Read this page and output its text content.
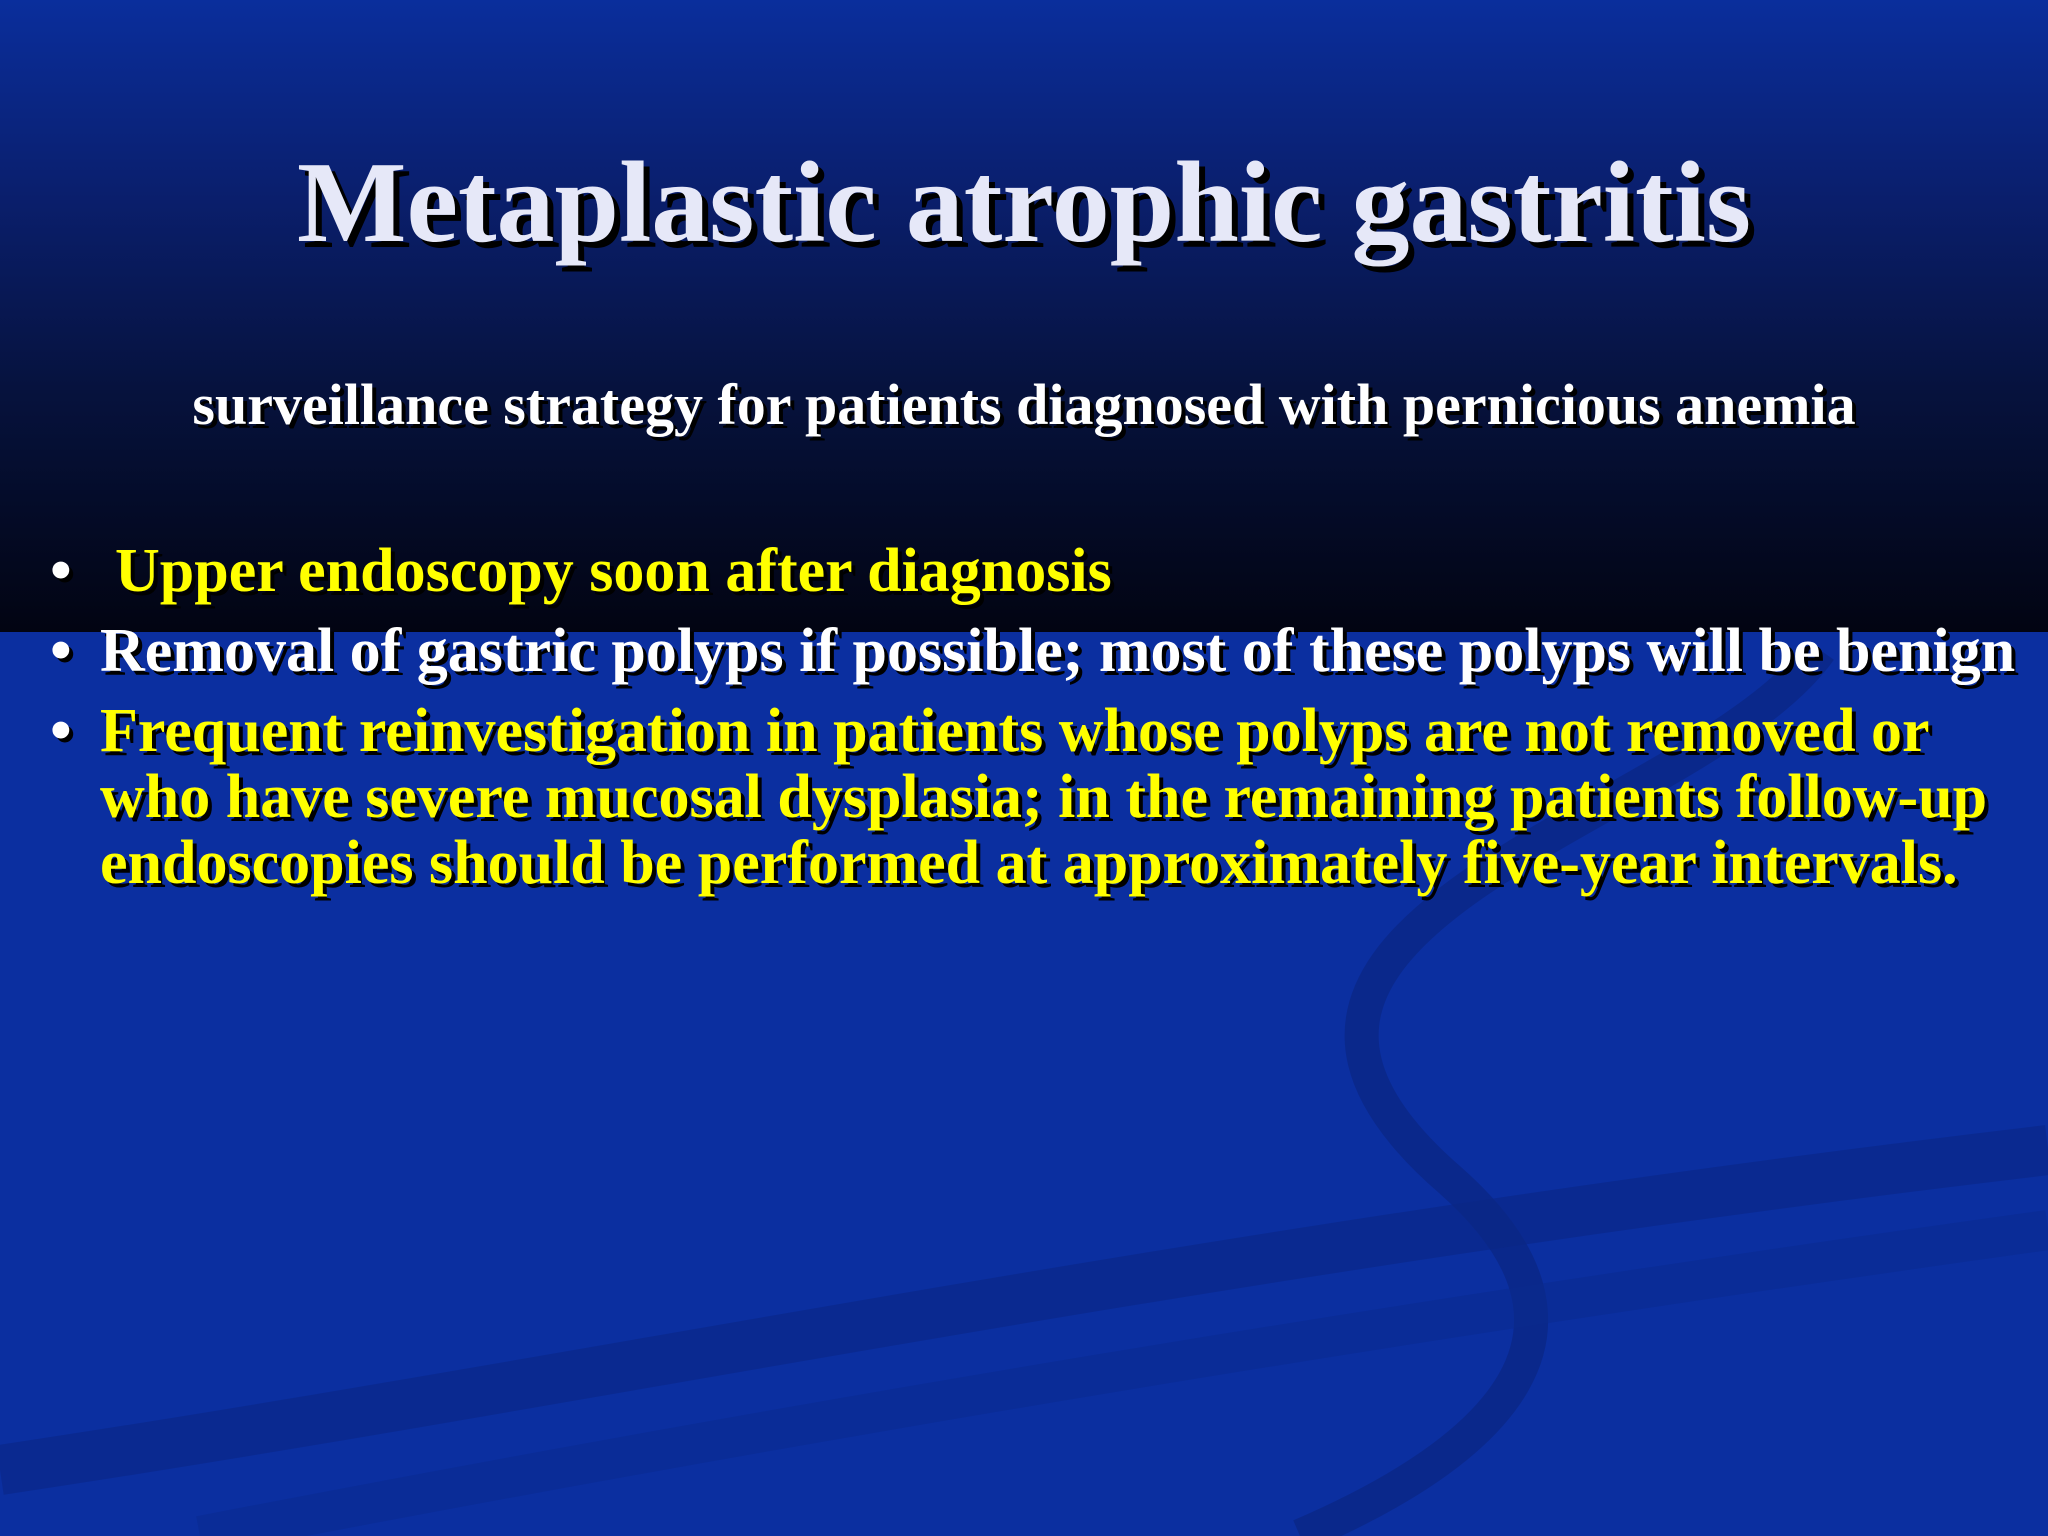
Metaplastic atrophic gastritis
surveillance strategy for patients diagnosed with pernicious anemia
• Upper endoscopy soon after diagnosis
• Removal of gastric polyps if possible; most of these polyps will be benign
• Frequent reinvestigation in patients whose polyps are not removed or who have severe mucosal dysplasia; in the remaining patients follow-up endoscopies should be performed at approximately five-year intervals.
